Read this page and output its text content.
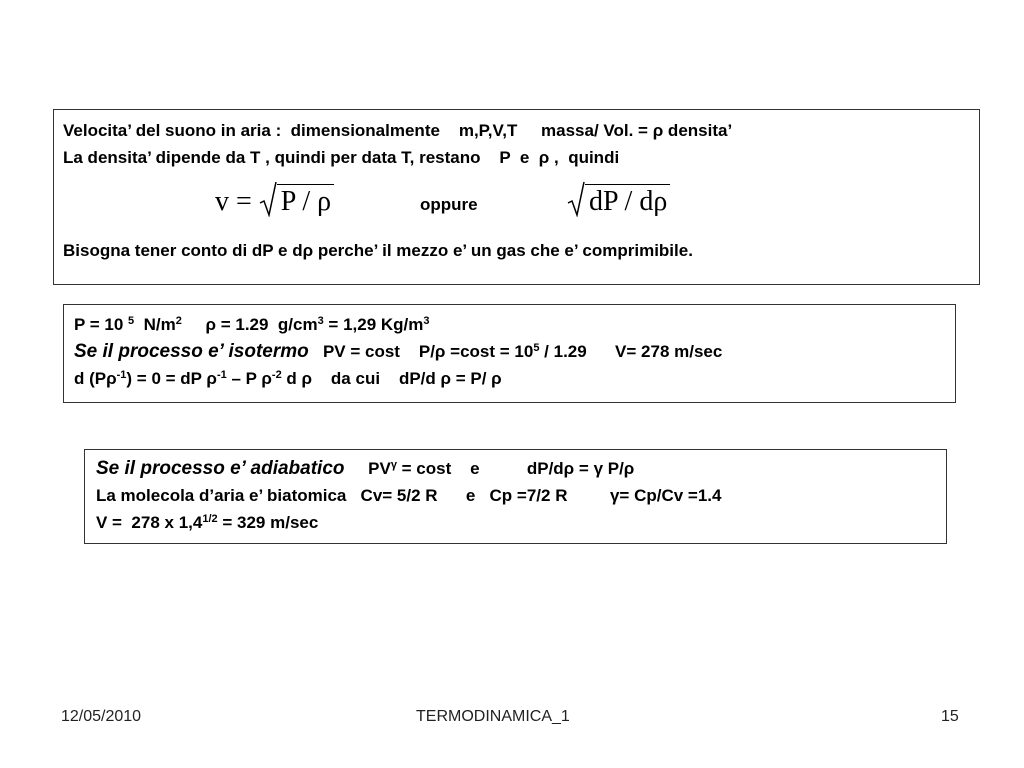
Velocita’ del suono in aria :  dimensionalmente    m,P,V,T     massa/ Vol. = ρ densita’
La densita’ dipende da T , quindi per data T, restano    P  e  ρ ,  quindi
v = P / ρ	oppure	dP / dρ
Bisogna tener conto di dP e dρ perche’ il mezzo e’ un gas che e’ comprimibile.
P = 10 $^5$  $N/m^2$     ρ = 1.29  $g/cm^3 = 1,29$ $Kg/m^3$
Se il processo e’ isotermo   PV = cost    $P/\rho =\cos t = 10^5 / 1.29$      V= 278 m/sec
d $(P\rho^{-1}) = 0$ = dP $\rho^{-1}$ – P $\rho^{-2}$ d ρ    da cui    dP/d ρ = P/ ρ
Se il processo e’ adiabatico     $PV^\gamma = \cos t$    e          dP/dρ = γ P/ρ
La molecola d’aria e’ biatomica   Cv= 5/2 R      e   Cp =7/2 R         γ= Cp/Cv =1.4
V =  278 x $1,4^{1/2} = 329$ m/sec
12/05/2010	TERMODINAMICA_1	15
